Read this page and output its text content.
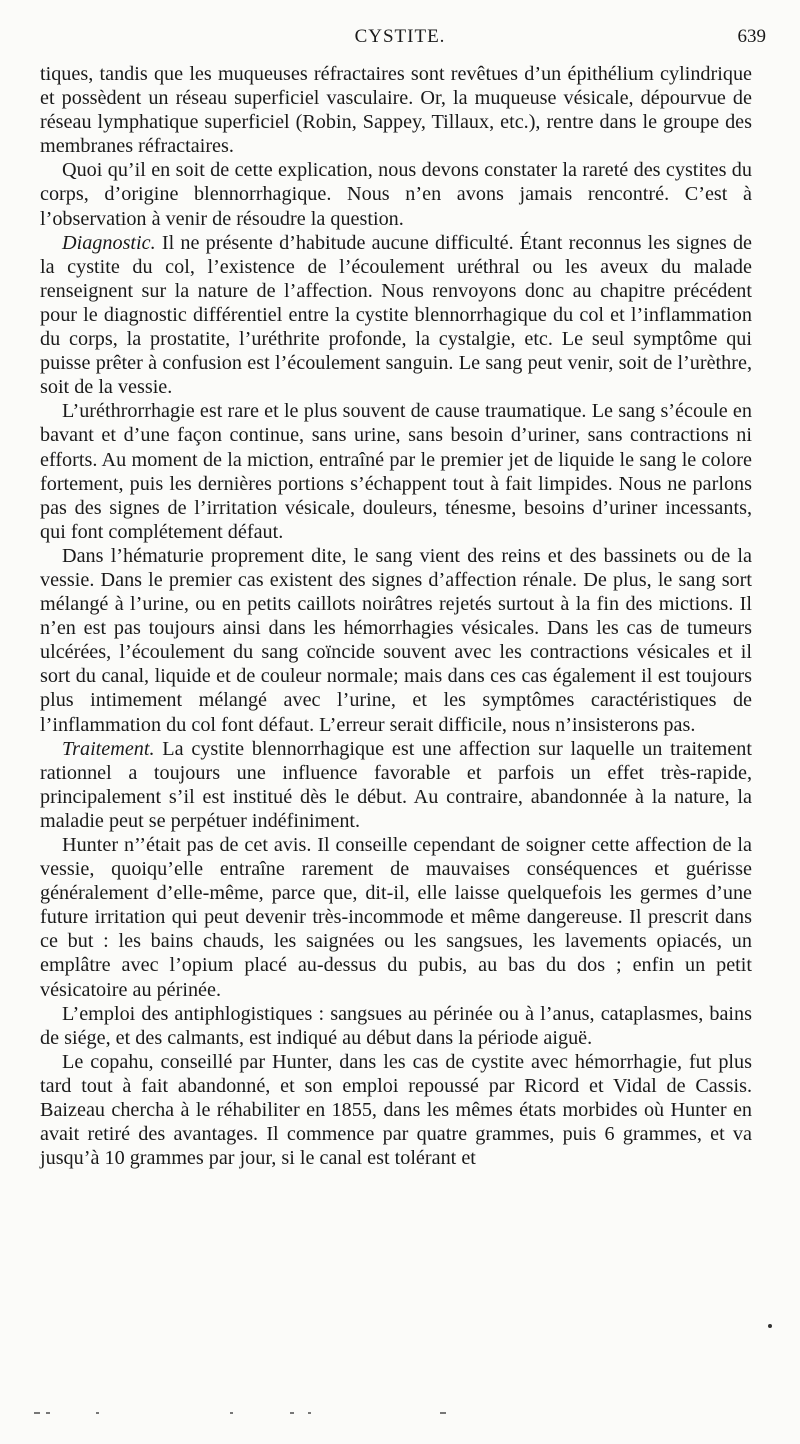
CYSTITE.	639

tiques, tandis que les muqueuses réfractaires sont revêtues d’un épithélium cylindrique et possèdent un réseau superficiel vasculaire. Or, la muqueuse vésicale, dépourvue de réseau lymphatique superficiel (Robin, Sappey, Tillaux, etc.), rentre dans le groupe des membranes réfractaires.

Quoi qu’il en soit de cette explication, nous devons constater la rareté des cystites du corps, d’origine blennorrhagique. Nous n’en avons jamais rencontré. C’est à l’observation à venir de résoudre la question.

Diagnostic. Il ne présente d’habitude aucune difficulté. Étant reconnus les signes de la cystite du col, l’existence de l’écoulement uréthral ou les aveux du malade renseignent sur la nature de l’affection. Nous renvoyons donc au chapitre précédent pour le diagnostic différentiel entre la cystite blennorrhagique du col et l’inflammation du corps, la prostatite, l’uréthrite profonde, la cystalgie, etc. Le seul symptôme qui puisse prêter à confusion est l’écoulement sanguin. Le sang peut venir, soit de l’urèthre, soit de la vessie.

L’uréthrorrhagie est rare et le plus souvent de cause traumatique. Le sang s’écoule en bavant et d’une façon continue, sans urine, sans besoin d’uriner, sans contractions ni efforts. Au moment de la miction, entraîné par le premier jet de liquide le sang le colore fortement, puis les dernières portions s’échappent tout à fait limpides. Nous ne parlons pas des signes de l’irritation vésicale, douleurs, ténesme, besoins d’uriner incessants, qui font complétement défaut.

Dans l’hématurie proprement dite, le sang vient des reins et des bassinets ou de la vessie. Dans le premier cas existent des signes d’affection rénale. De plus, le sang sort mélangé à l’urine, ou en petits caillots noirâtres rejetés surtout à la fin des mictions. Il n’en est pas toujours ainsi dans les hémorrhagies vésicales. Dans les cas de tumeurs ulcérées, l’écoulement du sang coïncide souvent avec les contractions vésicales et il sort du canal, liquide et de couleur normale; mais dans ces cas également il est toujours plus intimement mélangé avec l’urine, et les symptômes caractéristiques de l’inflammation du col font défaut. L’erreur serait difficile, nous n’insisterons pas.

Traitement. La cystite blennorrhagique est une affection sur laquelle un traitement rationnel a toujours une influence favorable et parfois un effet très-rapide, principalement s’il est institué dès le début. Au contraire, abandonnée à la nature, la maladie peut se perpétuer indéfiniment.

Hunter n’’était pas de cet avis. Il conseille cependant de soigner cette affection de la vessie, quoiqu’elle entraîne rarement de mauvaises conséquences et guérisse généralement d’elle-même, parce que, dit-il, elle laisse quelquefois les germes d’une future irritation qui peut devenir très-incommode et même dangereuse. Il prescrit dans ce but : les bains chauds, les saignées ou les sangsues, les lavements opiacés, un emplâtre avec l’opium placé au-dessus du pubis, au bas du dos ; enfin un petit vésicatoire au périnée.

L’emploi des antiphlogistiques : sangsues au périnée ou à l’anus, cataplasmes, bains de siége, et des calmants, est indiqué au début dans la période aiguë.

Le copahu, conseillé par Hunter, dans les cas de cystite avec hémorrhagie, fut plus tard tout à fait abandonné, et son emploi repoussé par Ricord et Vidal de Cassis. Baizeau chercha à le réhabiliter en 1855, dans les mêmes états morbides où Hunter en avait retiré des avantages. Il commence par quatre grammes, puis 6 grammes, et va jusqu’à 10 grammes par jour, si le canal est tolérant et
